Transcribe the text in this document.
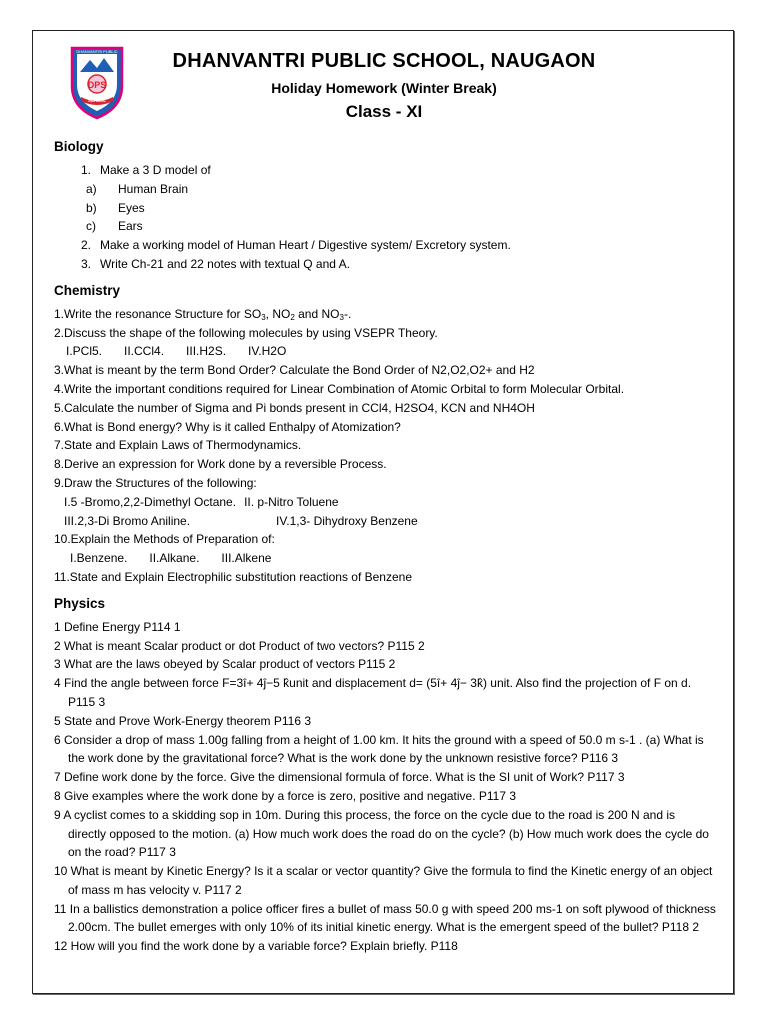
DPS
DHANVANTRI PUBLIC
SCHOOL
DHANVANTRI PUBLIC SCHOOL, NAUGAON
Holiday Homework (Winter Break)
Class - XI
Biology
1. Make a 3 D model of
a)	Human Brain
b)	Eyes
c)	Ears
2. Make a working model of Human Heart / Digestive system/ Excretory system.
3. Write Ch-21 and 22 notes with textual Q and A.
Chemistry
1.Write the resonance Structure for $SO_3$, $NO_2$ and $NO_3-$.
2.Discuss the shape of the following molecules by using VSEPR Theory.
I.PCl5. II.CCl4. III.H2S. IV.H2O
3.What is meant by the term Bond Order? Calculate the Bond Order of N2,O2,O2+ and H2
4.Write the important conditions required for Linear Combination of Atomic Orbital to form Molecular Orbital.
5.Calculate the number of Sigma and Pi bonds present in CCl4, H2SO4, KCN and NH4OH
6.What is Bond energy? Why is it called Enthalpy of Atomization?
7.State and Explain Laws of Thermodynamics.
8.Derive an expression for Work done by a reversible Process.
9.Draw the Structures of the following:
I.5 -Bromo,2,2-Dimethyl Octane. II. p-Nitro Toluene
III.2,3-Di Bromo Aniline.	IV.1,3- Dihydroxy Benzene
10.Explain the Methods of Preparation of:
I.Benzene. II.Alkane. III.Alkene
11.State and Explain Electrophilic substitution reactions of Benzene
Physics
1 Define Energy P114 1
2 What is meant Scalar product or dot Product of two vectors? P115 2
3 What are the laws obeyed by Scalar product of vectors P115 2
4 Find the angle between force F=3î+ 4ĵ−5 k̂unit and displacement d= (5î+ 4ĵ− 3k̂) unit. Also find the projection of F on d. P115 3
5 State and Prove Work-Energy theorem P116 3
6 Consider a drop of mass 1.00g falling from a height of 1.00 km. It hits the ground with a speed of 50.0 m s-1 . (a) What is the work done by the gravitational force? What is the work done by the unknown resistive force? P116 3
7 Define work done by the force. Give the dimensional formula of force. What is the SI unit of Work? P117 3
8 Give examples where the work done by a force is zero, positive and negative. P117 3
9 A cyclist comes to a skidding sop in 10m. During this process, the force on the cycle due to the road is 200 N and is directly opposed to the motion. (a) How much work does the road do on the cycle? (b) How much work does the cycle do on the road? P117 3
10 What is meant by Kinetic Energy? Is it a scalar or vector quantity? Give the formula to find the Kinetic energy of an object of mass m has velocity v. P117 2
11 In a ballistics demonstration a police officer fires a bullet of mass 50.0 g with speed 200 ms-1 on soft plywood of thickness 2.00cm. The bullet emerges with only 10% of its initial kinetic energy. What is the emergent speed of the bullet? P118 2
12 How will you find the work done by a variable force? Explain briefly. P118
